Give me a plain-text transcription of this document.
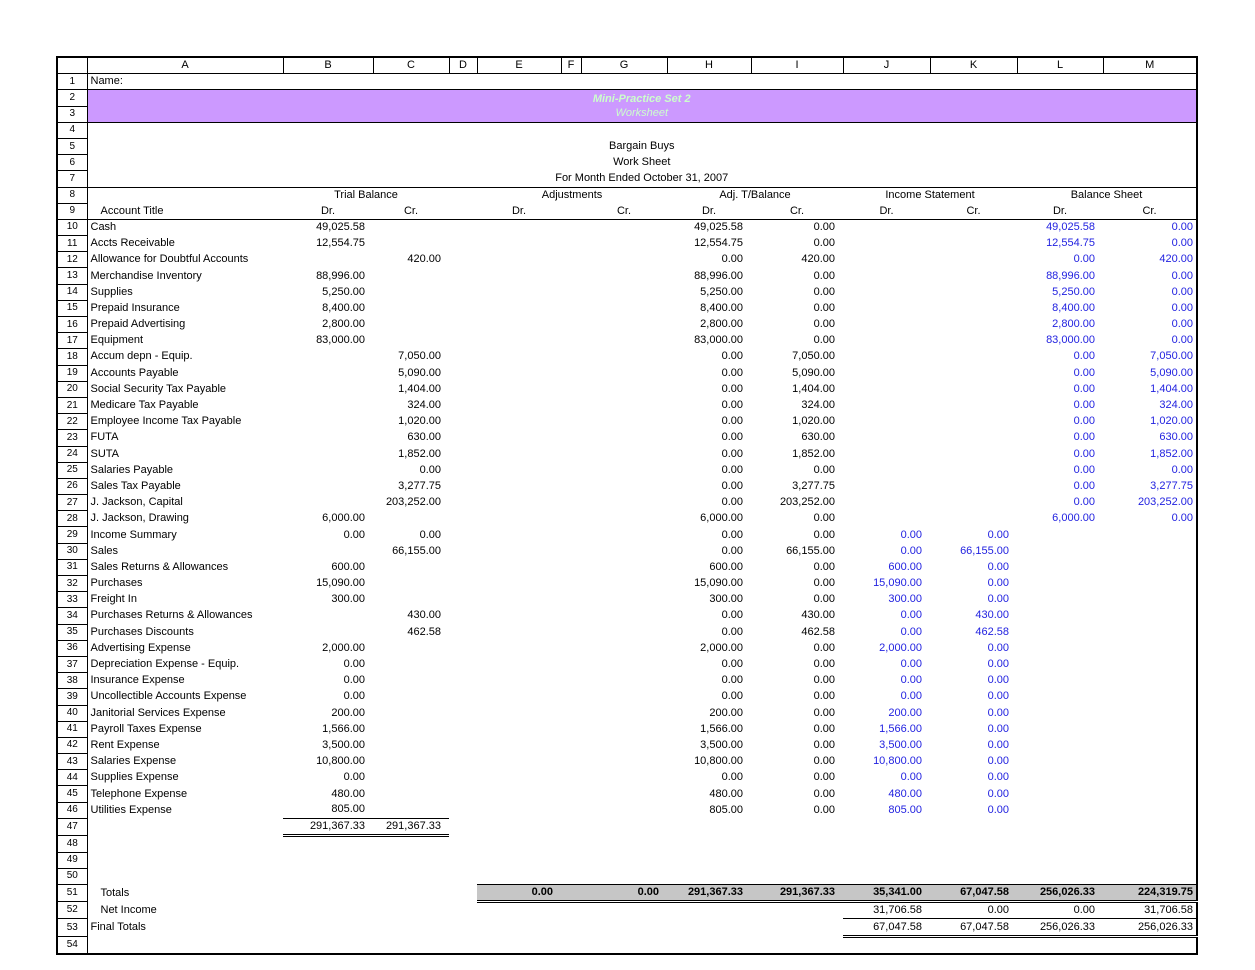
	A	B	C	D	E	F	G	H	I	J	K	L	M
1	Name:												
2	Mini-Practice Set 2
Worksheet												

3													
4													
5	Bargain Buys												
6	Work Sheet												
7	For Month Ended October 31, 2007												
8		Trial Balance			Adjustments			Adj. T/Balance		Income Statement		Balance Sheet	
9	Account Title	Dr.	Cr.		Dr.		Cr.	Dr.	Cr.	Dr.	Cr.	Dr.	Cr.
10	Cash	49,025.58						49,025.58	0.00			49,025.58	0.00
11	Accts Receivable	12,554.75						12,554.75	0.00			12,554.75	0.00
12	Allowance for Doubtful Accounts		420.00					0.00	420.00			0.00	420.00
13	Merchandise Inventory	88,996.00						88,996.00	0.00			88,996.00	0.00
14	Supplies	5,250.00						5,250.00	0.00			5,250.00	0.00
15	Prepaid Insurance	8,400.00						8,400.00	0.00			8,400.00	0.00
16	Prepaid Advertising	2,800.00						2,800.00	0.00			2,800.00	0.00
17	Equipment	83,000.00						83,000.00	0.00			83,000.00	0.00
18	Accum depn - Equip.		7,050.00					0.00	7,050.00			0.00	7,050.00
19	Accounts Payable		5,090.00					0.00	5,090.00			0.00	5,090.00
20	Social Security Tax Payable		1,404.00					0.00	1,404.00			0.00	1,404.00
21	Medicare Tax Payable		324.00					0.00	324.00			0.00	324.00
22	Employee Income Tax Payable		1,020.00					0.00	1,020.00			0.00	1,020.00
23	FUTA		630.00					0.00	630.00			0.00	630.00
24	SUTA		1,852.00					0.00	1,852.00			0.00	1,852.00
25	Salaries Payable		0.00					0.00	0.00			0.00	0.00
26	Sales Tax Payable		3,277.75					0.00	3,277.75			0.00	3,277.75
27	J. Jackson, Capital		203,252.00					0.00	203,252.00			0.00	203,252.00
28	J. Jackson, Drawing	6,000.00						6,000.00	0.00			6,000.00	0.00
29	Income Summary	0.00	0.00					0.00	0.00	0.00	0.00		
30	Sales		66,155.00					0.00	66,155.00	0.00	66,155.00		
31	Sales Returns & Allowances	600.00						600.00	0.00	600.00	0.00		
32	Purchases	15,090.00						15,090.00	0.00	15,090.00	0.00		
33	Freight In	300.00						300.00	0.00	300.00	0.00		
34	Purchases Returns & Allowances		430.00					0.00	430.00	0.00	430.00		
35	Purchases Discounts		462.58					0.00	462.58	0.00	462.58		
36	Advertising Expense	2,000.00						2,000.00	0.00	2,000.00	0.00		
37	Depreciation Expense - Equip.	0.00						0.00	0.00	0.00	0.00		
38	Insurance Expense	0.00						0.00	0.00	0.00	0.00		
39	Uncollectible Accounts Expense	0.00						0.00	0.00	0.00	0.00		
40	Janitorial Services Expense	200.00						200.00	0.00	200.00	0.00		
41	Payroll Taxes Expense	1,566.00						1,566.00	0.00	1,566.00	0.00		
42	Rent Expense	3,500.00						3,500.00	0.00	3,500.00	0.00		
43	Salaries Expense	10,800.00						10,800.00	0.00	10,800.00	0.00		
44	Supplies Expense	0.00						0.00	0.00	0.00	0.00		
45	Telephone Expense	480.00						480.00	0.00	480.00	0.00		
46	Utilities Expense	805.00						805.00	0.00	805.00	0.00		
47		291,367.33	291,367.33										
48													
49													
50													
51	Totals				0.00		0.00	291,367.33	291,367.33	35,341.00	67,047.58	256,026.33	224,319.75
52	Net Income									31,706.58	0.00	0.00	31,706.58
53	Final Totals									67,047.58	67,047.58	256,026.33	256,026.33
54													
